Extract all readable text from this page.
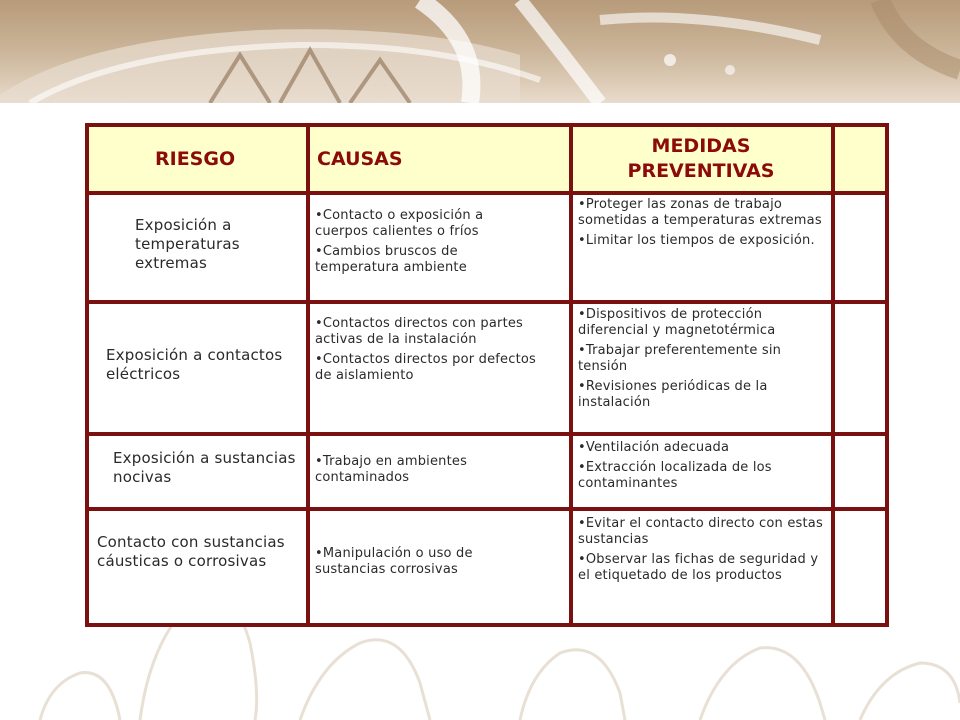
RIESGO	CAUSAS
MEDIDAS PREVENTIVAS
Exposición a temperaturas extremas
•Contacto o exposición a cuerpos calientes o fríos
•Cambios bruscos de temperatura ambiente
•Proteger las zonas de trabajo sometidas a temperaturas extremas
•Limitar los tiempos de exposición.
Exposición a contactos eléctricos
•Contactos directos con partes activas de la instalación
•Contactos directos por defectos de aislamiento
•Dispositivos de protección diferencial y magnetotérmica
•Trabajar preferentemente sin tensión
•Revisiones periódicas de la instalación
Exposición a sustancias nocivas
•Trabajo en ambientes contaminados
•Ventilación adecuada
•Extracción localizada de los contaminantes
Contacto con sustancias cáusticas o corrosivas	•Manipulación o uso de sustancias corrosivas
•Evitar el contacto directo con estas sustancias
•Observar las fichas de seguridad y el etiquetado de los productos
